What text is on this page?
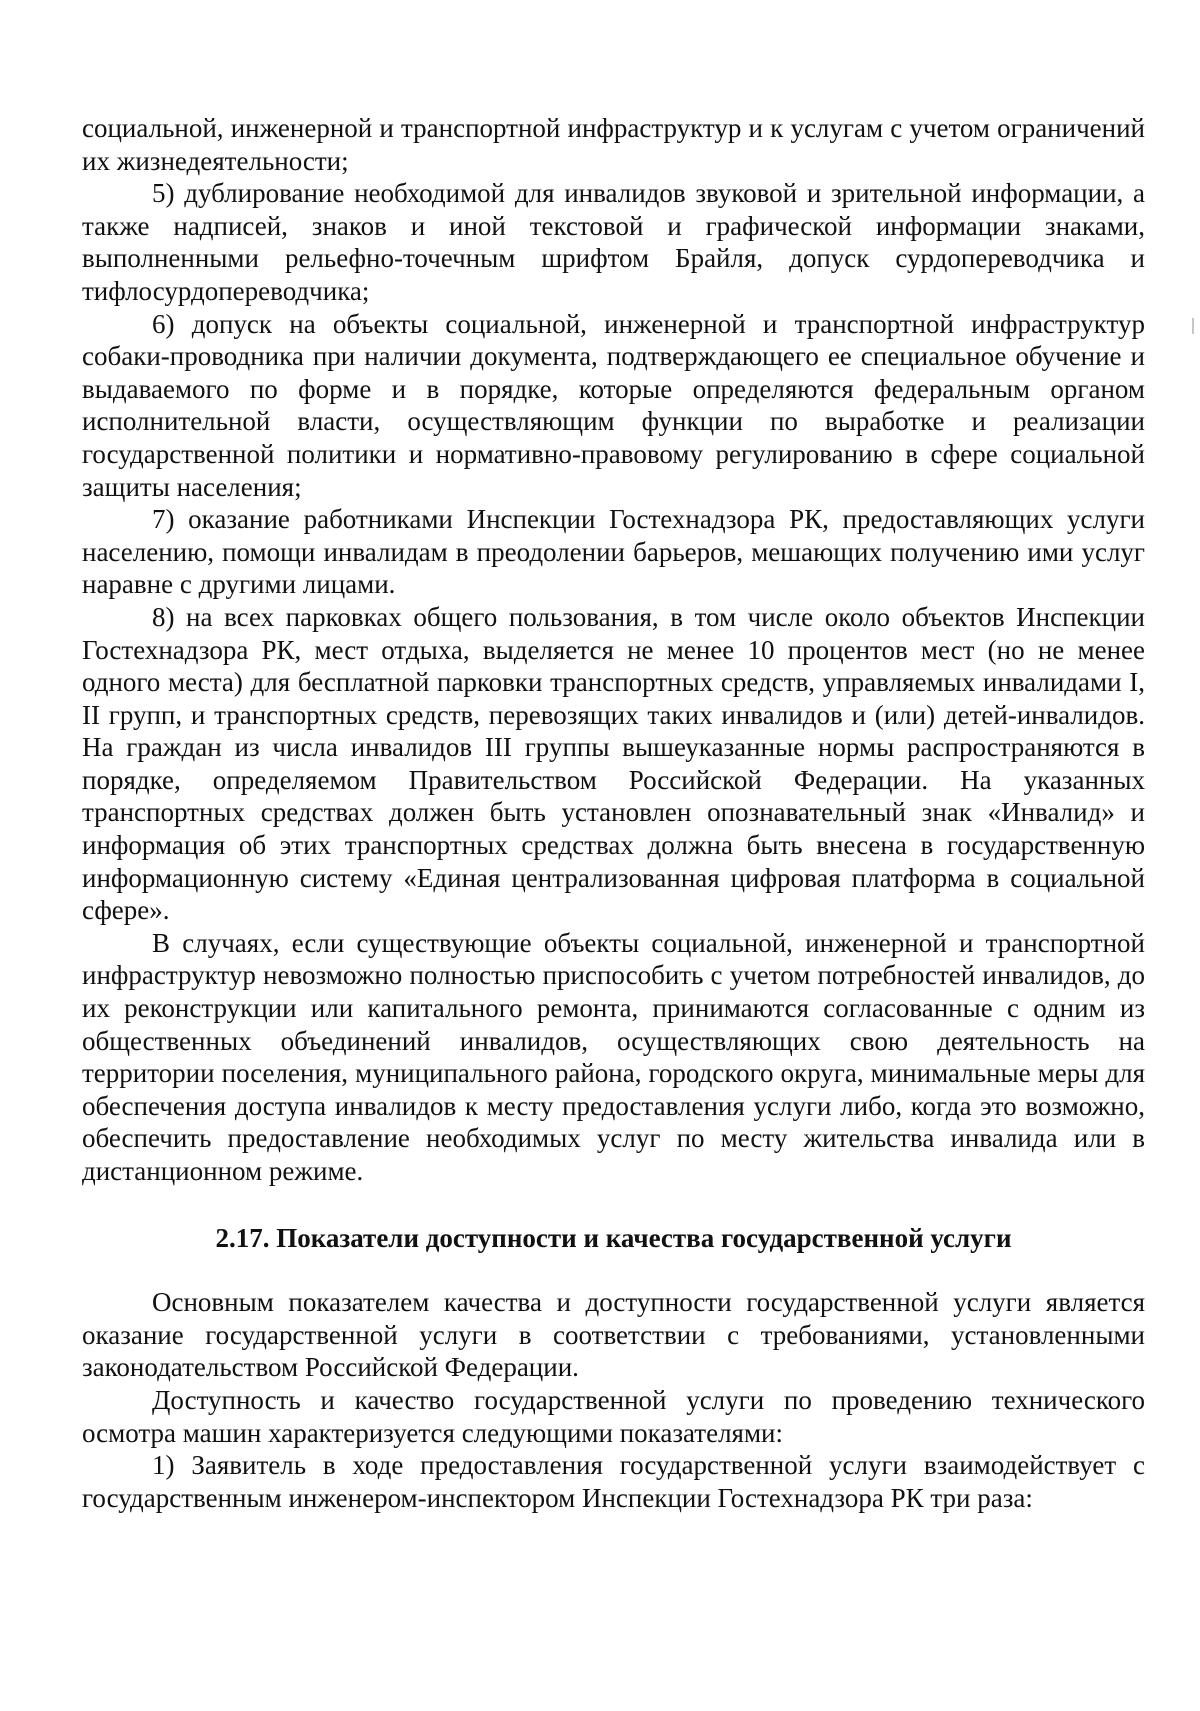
социальной, инженерной и транспортной инфраструктур и к услугам с учетом ограничений их жизнедеятельности;

5) дублирование необходимой для инвалидов звуковой и зрительной информации, а также надписей, знаков и иной текстовой и графической информации знаками, выполненными рельефно-точечным шрифтом Брайля, допуск сурдопереводчика и тифлосурдопереводчика;

6) допуск на объекты социальной, инженерной и транспортной инфраструктур собаки-проводника при наличии документа, подтверждающего ее специальное обучение и выдаваемого по форме и в порядке, которые определяются федеральным органом исполнительной власти, осуществляющим функции по выработке и реализации государственной политики и нормативно-правовому регулированию в сфере социальной защиты населения;

7) оказание работниками Инспекции Гостехнадзора РК, предоставляющих услуги населению, помощи инвалидам в преодолении барьеров, мешающих получению ими услуг наравне с другими лицами.

8) на всех парковках общего пользования, в том числе около объектов Инспекции Гостехнадзора РК, мест отдыха, выделяется не менее 10 процентов мест (но не менее одного места) для бесплатной парковки транспортных средств, управляемых инвалидами I, II групп, и транспортных средств, перевозящих таких инвалидов и (или) детей-инвалидов. На граждан из числа инвалидов III группы вышеуказанные нормы распространяются в порядке, определяемом Правительством Российской Федерации. На указанных транспортных средствах должен быть установлен опознавательный знак «Инвалид» и информация об этих транспортных средствах должна быть внесена в государственную информационную систему «Единая централизованная цифровая платформа в социальной сфере».

В случаях, если существующие объекты социальной, инженерной и транспортной инфраструктур невозможно полностью приспособить с учетом потребностей инвалидов, до их реконструкции или капитального ремонта, принимаются согласованные с одним из общественных объединений инвалидов, осуществляющих свою деятельность на территории поселения, муниципального района, городского округа, минимальные меры для обеспечения доступа инвалидов к месту предоставления услуги либо, когда это возможно, обеспечить предоставление необходимых услуг по месту жительства инвалида или в дистанционном режиме.

2.17. Показатели доступности и качества государственной услуги

Основным показателем качества и доступности государственной услуги является оказание государственной услуги в соответствии с требованиями, установленными законодательством Российской Федерации.

Доступность и качество государственной услуги по проведению технического осмотра машин характеризуется следующими показателями:

1) Заявитель в ходе предоставления государственной услуги взаимодействует с государственным инженером-инспектором Инспекции Гостехнадзора РК три раза:
